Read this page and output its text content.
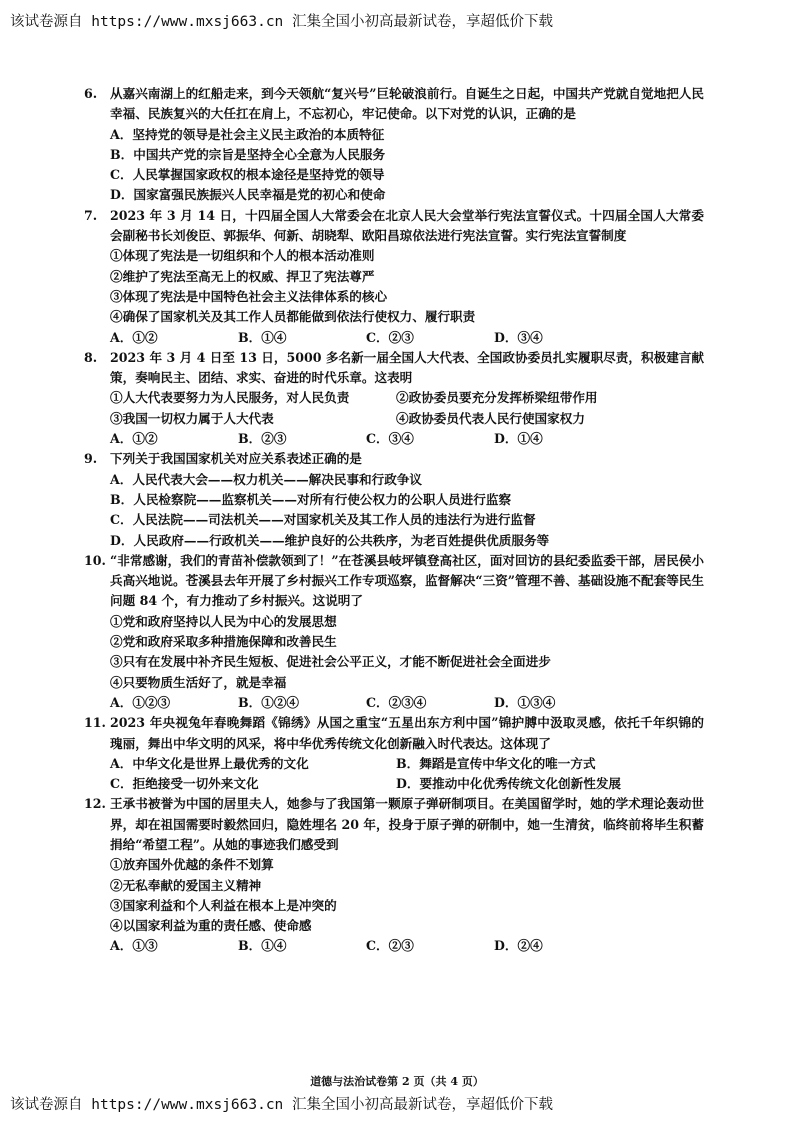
该试卷源自 https://www.mxsj663.cn 汇集全国小初高最新试卷，享超低价下载
6. 从嘉兴南湖上的红船走来，到今天领航“复兴号”巨轮破浪前行。自诞生之日起，中国共产党就自觉地把人民幸福、民族复兴的大任扛在肩上，不忘初心，牢记使命。以下对党的认识，正确的是
A．坚持党的领导是社会主义民主政治的本质特征
B．中国共产党的宗旨是坚持全心全意为人民服务
C．人民掌握国家政权的根本途径是坚持党的领导
D．国家富强民族振兴人民幸福是党的初心和使命
7. 2023 年 3 月 14 日，十四届全国人大常委会在北京人民大会堂举行宪法宣誓仪式。十四届全国人大常委会副秘书长刘俊臣、郭振华、何新、胡晓犁、欧阳昌琼依法进行宪法宣誓。实行宪法宣誓制度
①体现了宪法是一切组织和个人的根本活动准则
②维护了宪法至高无上的权威、捍卫了宪法尊严
③体现了宪法是中国特色社会主义法律体系的核心
④确保了国家机关及其工作人员都能做到依法行使权力、履行职责
A．①②	B．①④	C．②③	D．③④
8. 2023 年 3 月 4 日至 13 日，5000 多名新一届全国人大代表、全国政协委员扎实履职尽责，积极建言献策，奏响民主、团结、求实、奋进的时代乐章。这表明
①人大代表要努力为人民服务，对人民负责	②政协委员要充分发挥桥梁纽带作用
③我国一切权力属于人大代表	④政协委员代表人民行使国家权力
A．①②	B．②③	C．③④	D．①④
9. 下列关于我国国家机关对应关系表述正确的是
A．人民代表大会——权力机关——解决民事和行政争议
B．人民检察院——监察机关——对所有行使公权力的公职人员进行监察
C．人民法院——司法机关——对国家机关及其工作人员的违法行为进行监督
D．人民政府——行政机关——维护良好的公共秩序，为老百姓提供优质服务等
10. “非常感谢，我们的青苗补偿款领到了！”在苍溪县岐坪镇登高社区，面对回访的县纪委监委干部，居民侯小兵高兴地说。苍溪县去年开展了乡村振兴工作专项巡察，监督解决“三资”管理不善、基础设施不配套等民生问题 84 个，有力推动了乡村振兴。这说明了
①党和政府坚持以人民为中心的发展思想
②党和政府采取多种措施保障和改善民生
③只有在发展中补齐民生短板、促进社会公平正义，才能不断促进社会全面进步
④只要物质生活好了，就是幸福
A．①②③	B．①②④	C．②③④	D．①③④
11. 2023 年央视兔年春晚舞蹈《锦绣》从国之重宝“五星出东方利中国”锦护膊中汲取灵感，依托千年织锦的瑰丽，舞出中华文明的风采，将中华优秀传统文化创新融入时代表达。这体现了
A．中华文化是世界上最优秀的文化	B．舞蹈是宣传中华文化的唯一方式
C．拒绝接受一切外来文化	D．要推动中化优秀传统文化创新性发展
12. 王承书被誉为中国的居里夫人，她参与了我国第一颗原子弹研制项目。在美国留学时，她的学术理论轰动世界，却在祖国需要时毅然回归，隐姓埋名 20 年，投身于原子弹的研制中，她一生清贫，临终前将毕生积蓄捐给“希望工程”。从她的事迹我们感受到
①放弃国外优越的条件不划算
②无私奉献的爱国主义精神
③国家利益和个人利益在根本上是冲突的
④以国家利益为重的责任感、使命感
A．①③	B．①④	C．②③	D．②④
道德与法治试卷第 2 页（共 4 页）
该试卷源自 https://www.mxsj663.cn 汇集全国小初高最新试卷，享超低价下载
